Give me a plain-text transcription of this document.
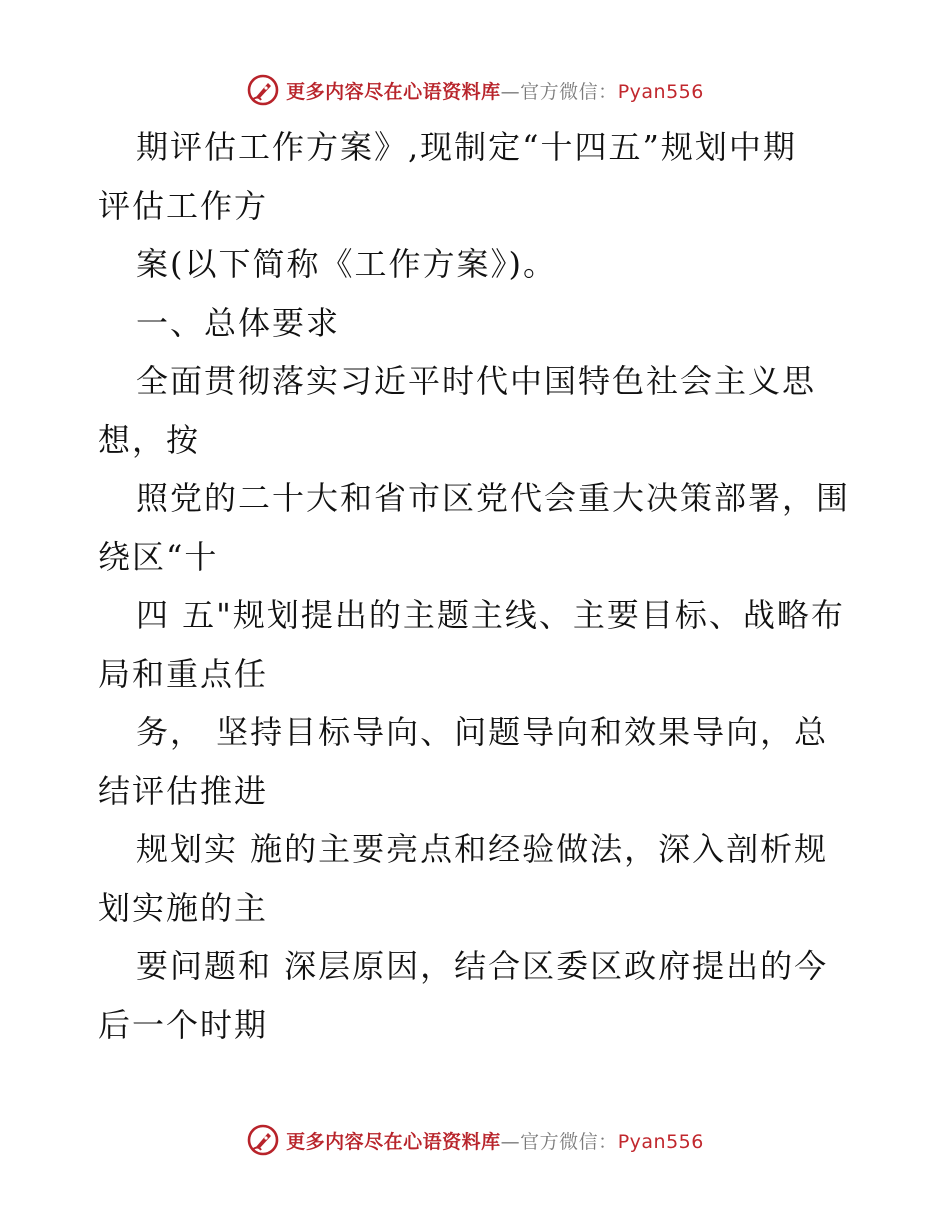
更多内容尽在心语资料库—官方微信：Pyan556
期评估工作方案》,现制定“十四五”规划中期
评估工作方
案(以下简称《工作方案》)。
一、总体要求
全面贯彻落实习近平时代中国特色社会主义思
想，按
照党的二十大和省市区党代会重大决策部署，围
绕区“十
四 五"规划提出的主题主线、主要目标、战略布
局和重点任
务， 坚持目标导向、问题导向和效果导向，总
结评估推进
规划实 施的主要亮点和经验做法，深入剖析规
划实施的主
要问题和 深层原因，结合区委区政府提出的今
后一个时期
更多内容尽在心语资料库—官方微信：Pyan556
